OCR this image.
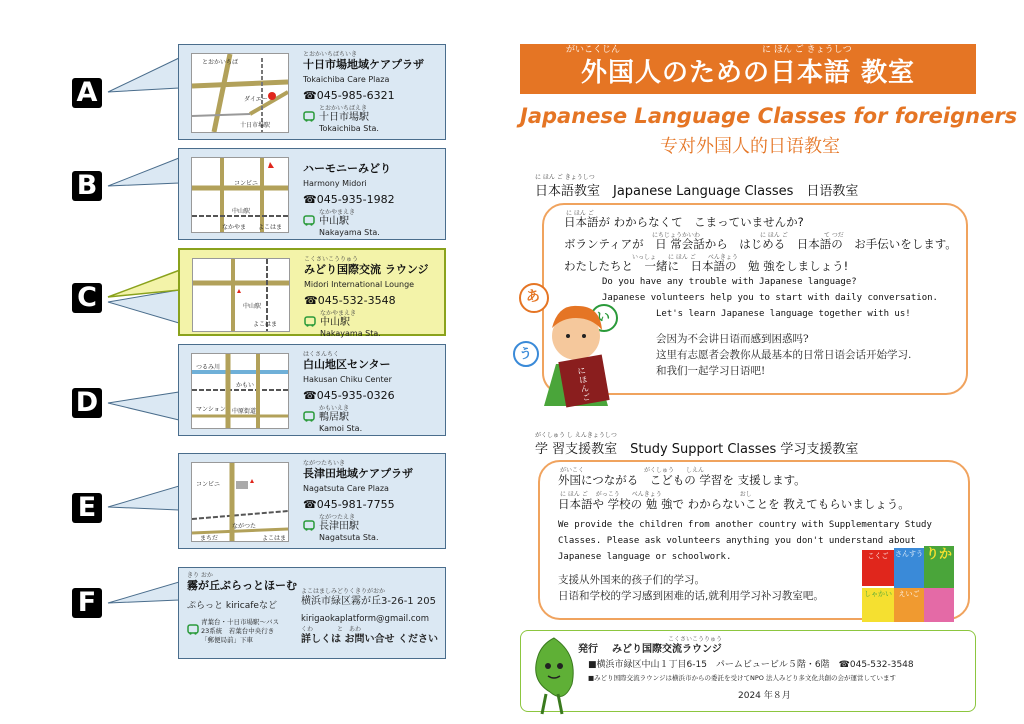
A
B
C
D
E
F
とおかいちば
ダイエー
十日市場駅
とおかいちばちいき
十日市場地域ケアプラザ
Tokaichiba Care Plaza
☎045-985-6321
とおかいちばえき
十日市場駅
Tokaichiba Sta.
コンビニ
なかやま
中山駅
よこはま
ハーモニーみどり
Harmony Midori
☎045-935-1982
なかやまえき
中山駅
Nakayama Sta.
中山駅
よこはま
こくさいこうりゅう
みどり国際交流 ラウンジ
Midori International Lounge
☎045-532-3548
なかやまえき
中山駅
Nakayama Sta.
つるみ川
かもい
マンション 中原街道
はくさんちく
白山地区センター
Hakusan Chiku Center
☎045-935-0326
かもいえき
鴨居駅
Kamoi Sta.
コンビニ
ながつた
まちだ	よこはま
ながつたちいき
長津田地域ケアプラザ
Nagatsuta Care Plaza
☎045-981-7755
ながつたえき
長津田駅
Nagatsuta Sta.
きり おか
霧が丘ぷらっとほーむ
ぷらっと kiricafeなど
青葉台・十日市場駅～バス
23系統　若葉台中央行き
「郵便局前」下車
よこはましみどりくきりがおか
横浜市緑区霧が丘3-26-1 205
kirigaokaplatform@gmail.com
くわ　　　　と　あわ
詳しくは お問い合せ ください
がいこくじん	に ほん ご きょうしつ
外国人のための日本語 教室
Japanese Language Classes for foreigners
专对外国人的日语教室
に ほん ご きょうしつ
日本語教室　Japanese Language Classes　日语教室
に ほん ご
日本語が わからなくて　こまっていませんか?
にちじょうかいわ　　　　　　　　　　に ほん ご　　　　　　て つだ
ボランティアが　日 常会話から　はじめる　日本語の　お手伝いをします。
いっしょ　　に ほん ご　　べんきょう
わたしたちと　一緒に　日本語の　勉 強をしましょう!
Do you have any trouble with Japanese language?
Japanese volunteers help you to start with daily conversation.
Let's learn Japanese language together with us!
会因为不会讲日语而感到困惑吗?
这里有志愿者会教你从最基本的日常日语会话开始学习.
和我们一起学习日语吧!
あ
い
う
にほんご
がくしゅう し えんきょうしつ
学 習支援教室　Study Support Classes 学习支援教室
がいこく　　　　　　　　　　がくしゅう　　しえん
外国につながる　こどもの 学習を 支援します。
に ほん ご　 がっこう　　べんきょう　　　　　　　　　　　　　おし
日本語や 学校の 勉 強で わからないことを 教えてもらいましょう。
We provide the children from another country with Supplementary Study
Classes. Please ask volunteers anything you don't understand about
Japanese language or schoolwork.
支援从外国来的孩子们的学习。
日语和学校的学习感到困难的话,就利用学习补习教室吧。
こくご さんすう りか
しゃかい えいご
発行
こくさいこうりゅう
みどり国際交流ラウンジ
■横浜市緑区中山１丁目6-15　パームビュービル５階・6階　☎045-532-3548
■みどり国際交流ラウンジは横浜市からの委託を受けてNPO 法人みどり多文化共創の会が運営しています
2024 年８月
